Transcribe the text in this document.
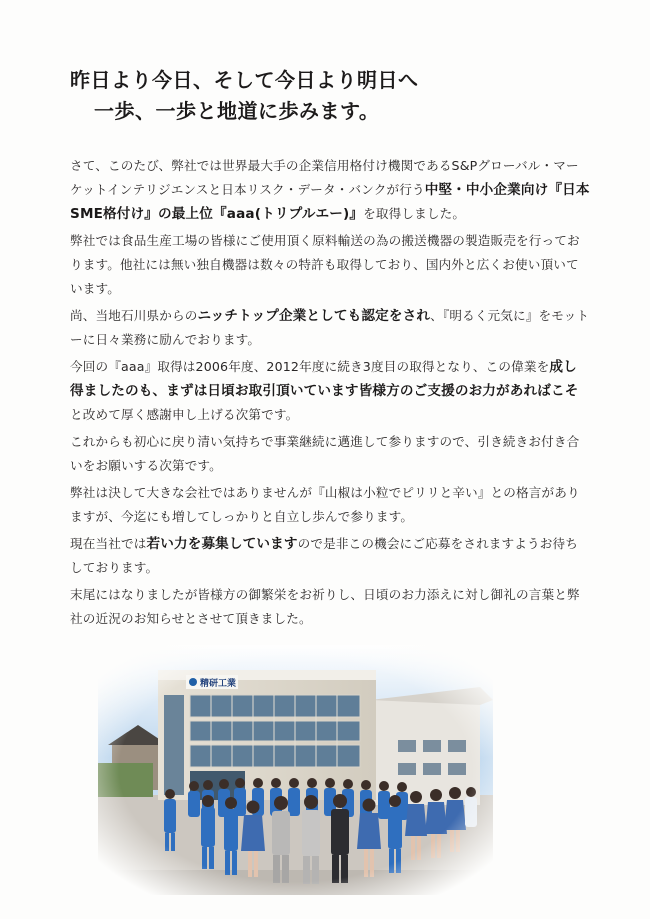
昨日より今日、そして今日より明日へ
一歩、一歩と地道に歩みます。

さて、このたび、弊社では世界最大手の企業信用格付け機関であるS&Pグローバル・マーケットインテリジエンスと日本リスク・データ・バンクが行う中堅・中小企業向け『日本SME格付け』の最上位『aaa(トリプルエー)』を取得しました。

弊社では食品生産工場の皆様にご使用頂く原料輸送の為の搬送機器の製造販売を行っております。他社には無い独自機器は数々の特許も取得しており、国内外と広くお使い頂いています。

尚、当地石川県からのニッチトップ企業としても認定をされ、『明るく元気に』をモットーに日々業務に励んでおります。

今回の『aaa』取得は2006年度、2012年度に続き3度目の取得となり、この偉業を成し得ましたのも、まずは日頃お取引頂いています皆様方のご支援のお力があればこそと改めて厚く感謝申し上げる次第です。

これからも初心に戻り清い気持ちで事業継続に邁進して参りますので、引き続きお付き合いをお願いする次第です。

弊社は決して大きな会社ではありませんが『山椒は小粒でピリリと辛い』との格言がありますが、今迄にも増してしっかりと自立し歩んで参ります。

現在当社では若い力を募集していますので是非この機会にご応募をされますようお待ちしております。

末尾にはなりましたが皆様方の御繁栄をお祈りし、日頃のお力添えに対し御礼の言葉と弊社の近況のお知らせとさせて頂きました。
